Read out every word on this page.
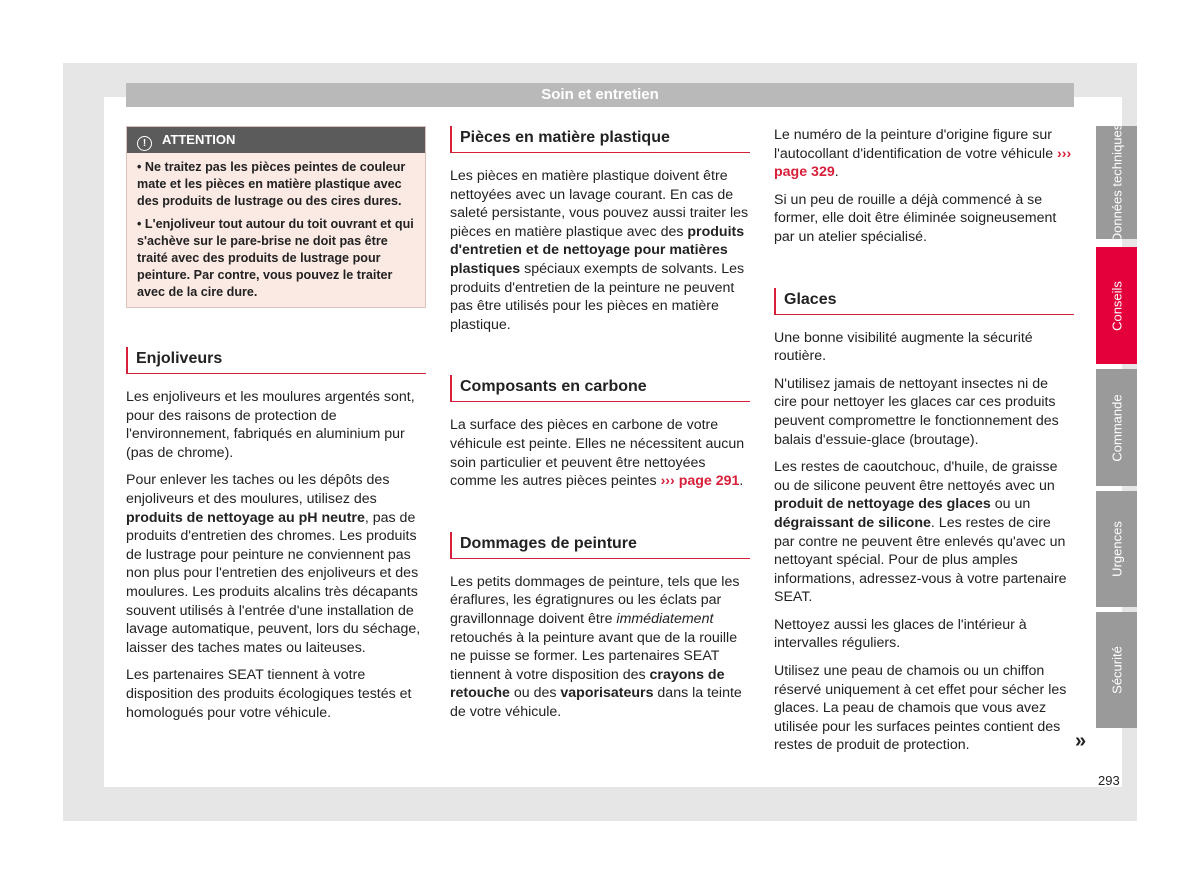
Soin et entretien
! ATTENTION
• Ne traitez pas les pièces peintes de couleur mate et les pièces en matière plastique avec des produits de lustrage ou des cires dures.
• L'enjoliveur tout autour du toit ouvrant et qui s'achève sur le pare-brise ne doit pas être traité avec des produits de lustrage pour peinture. Par contre, vous pouvez le traiter avec de la cire dure.
Enjoliveurs

Les enjoliveurs et les moulures argentés sont, pour des raisons de protection de l'environnement, fabriqués en aluminium pur (pas de chrome).

Pour enlever les taches ou les dépôts des enjoliveurs et des moulures, utilisez des produits de nettoyage au pH neutre, pas de produits d'entretien des chromes. Les produits de lustrage pour peinture ne conviennent pas non plus pour l'entretien des enjoliveurs et des moulures. Les produits alcalins très décapants souvent utilisés à l'entrée d'une installation de lavage automatique, peuvent, lors du séchage, laisser des taches mates ou laiteuses.

Les partenaires SEAT tiennent à votre disposition des produits écologiques testés et homologués pour votre véhicule.

Pièces en matière plastique

Les pièces en matière plastique doivent être nettoyées avec un lavage courant. En cas de saleté persistante, vous pouvez aussi traiter les pièces en matière plastique avec des produits d'entretien et de nettoyage pour matières plastiques spéciaux exempts de solvants. Les produits d'entretien de la peinture ne peuvent pas être utilisés pour les pièces en matière plastique.

Composants en carbone

La surface des pièces en carbone de votre véhicule est peinte. Elles ne nécessitent aucun soin particulier et peuvent être nettoyées comme les autres pièces peintes ››› page 291.

Dommages de peinture

Les petits dommages de peinture, tels que les éraflures, les égratignures ou les éclats par gravillonnage doivent être immédiatement retouchés à la peinture avant que de la rouille ne puisse se former. Les partenaires SEAT tiennent à votre disposition des crayons de retouche ou des vaporisateurs dans la teinte de votre véhicule.

Le numéro de la peinture d'origine figure sur l'autocollant d'identification de votre véhicule ››› page 329.

Si un peu de rouille a déjà commencé à se former, elle doit être éliminée soigneusement par un atelier spécialisé.

Glaces

Une bonne visibilité augmente la sécurité routière.

N'utilisez jamais de nettoyant insectes ni de cire pour nettoyer les glaces car ces produits peuvent compromettre le fonctionnement des balais d'essuie-glace (broutage).

Les restes de caoutchouc, d'huile, de graisse ou de silicone peuvent être nettoyés avec un produit de nettoyage des glaces ou un dégraissant de silicone. Les restes de cire par contre ne peuvent être enlevés qu'avec un nettoyant spécial. Pour de plus amples informations, adressez-vous à votre partenaire SEAT.

Nettoyez aussi les glaces de l'intérieur à intervalles réguliers.

Utilisez une peau de chamois ou un chiffon réservé uniquement à cet effet pour sécher les glaces. La peau de chamois que vous avez utilisée pour les surfaces peintes contient des restes de produit de protection.	»
Données techniques
Conseils
Commande
Urgences
Sécurité
293
